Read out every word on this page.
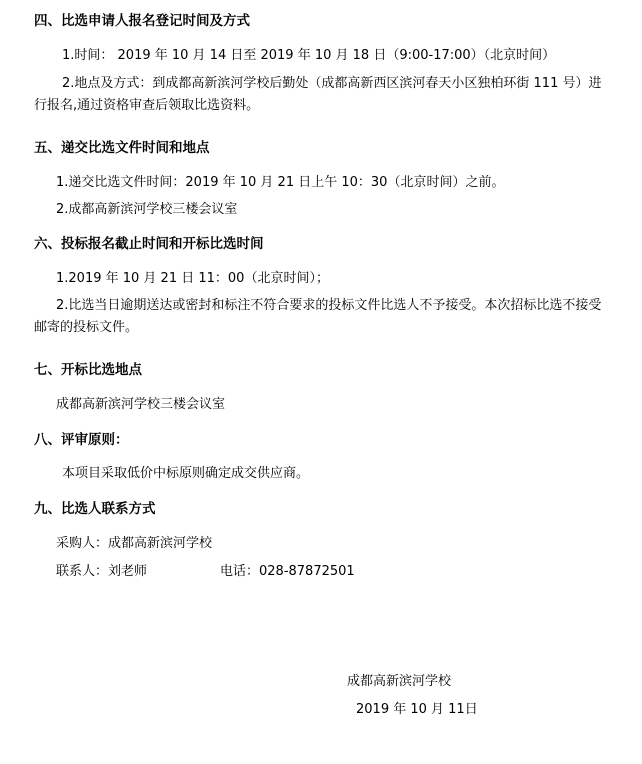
四、比选申请人报名登记时间及方式
1.时间： 2019 年 10 月 14 日至 2019 年 10 月 18 日（9:00-17:00）（北京时间）
2.地点及方式：到成都高新滨河学校后勤处（成都高新西区滨河春天小区独柏环街 111 号）进行报名,通过资格审查后领取比选资料。
五、递交比选文件时间和地点
1.递交比选文件时间：2019 年 10 月 21 日上午 10：30（北京时间）之前。
2.成都高新滨河学校三楼会议室
六、投标报名截止时间和开标比选时间
1.2019 年 10 月 21 日 11：00（北京时间）；
2.比选当日逾期送达或密封和标注不符合要求的投标文件比选人不予接受。本次招标比选不接受邮寄的投标文件。
七、开标比选地点
成都高新滨河学校三楼会议室
八、评审原则：
本项目采取低价中标原则确定成交供应商。
九、比选人联系方式
采购人：成都高新滨河学校
联系人：刘老师	电话：028-87872501
成都高新滨河学校
2019 年 10 月 11日
